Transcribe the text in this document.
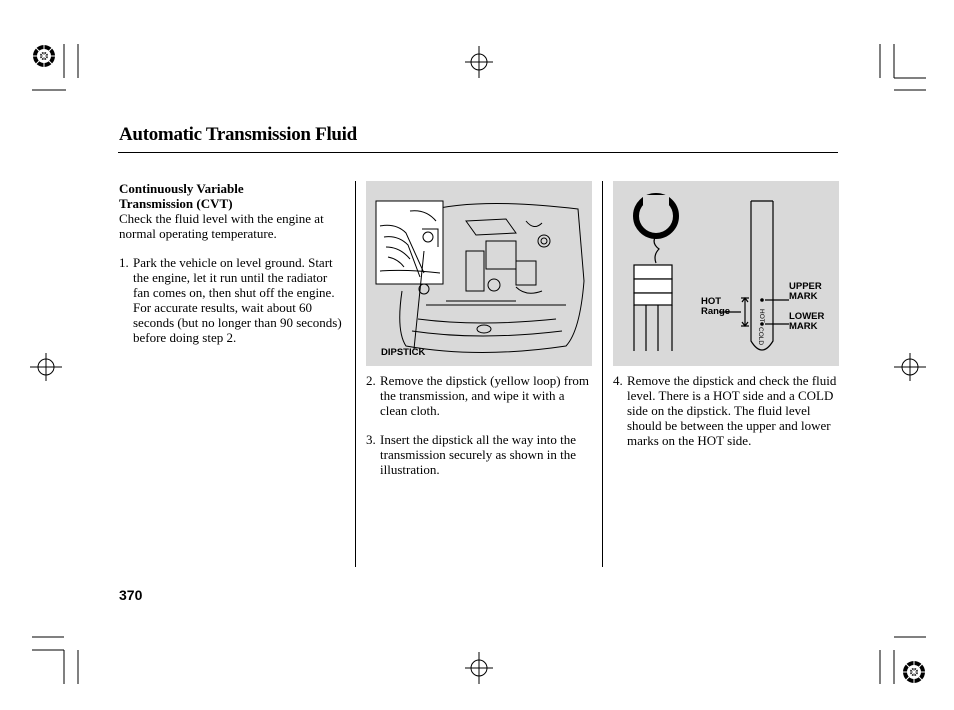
Automatic Transmission Fluid
Continuously Variable
Transmission (CVT)
Check the fluid level with the engine at normal operating temperature.
1. Park the vehicle on level ground. Start the engine, let it run until the radiator fan comes on, then shut off the engine. For accurate results, wait about 60 seconds (but no longer than 90 seconds) before doing step 2.
DIPSTICK
2. Remove the dipstick (yellow loop) from the transmission, and wipe it with a clean cloth.
3. Insert the dipstick all the way into the transmission securely as shown in the illustration.
HOT
COLD
HOT
Range
UPPER
MARK
LOWER
MARK
4. Remove the dipstick and check the fluid level. There is a HOT side and a COLD side on the dipstick. The fluid level should be between the upper and lower marks on the HOT side.
370
